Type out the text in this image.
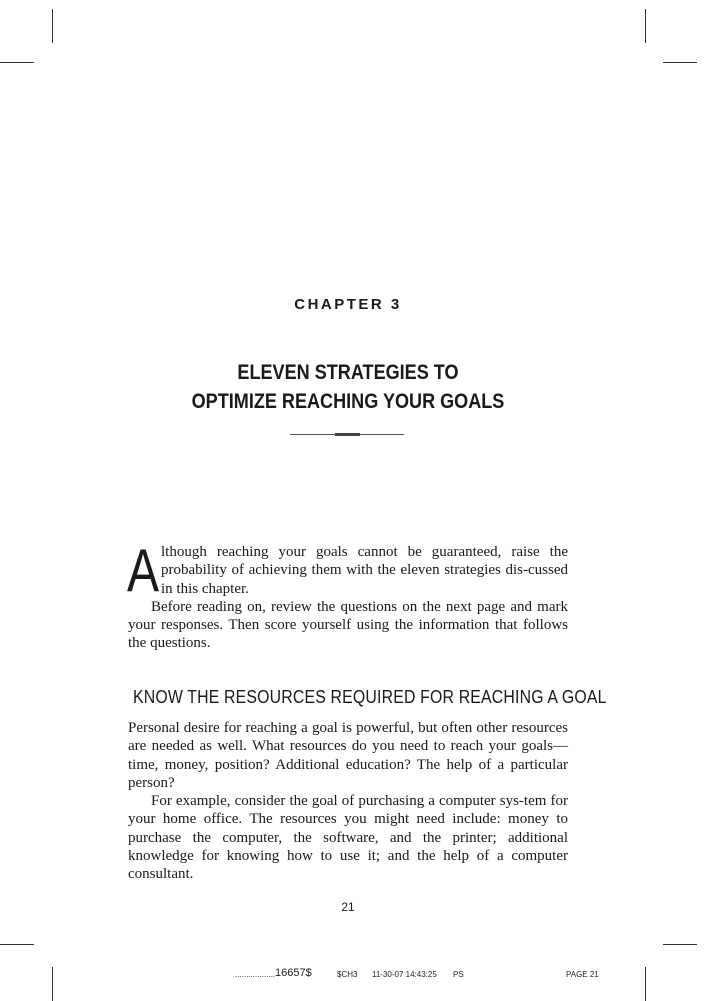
CHAPTER 3
ELEVEN STRATEGIES TO
OPTIMIZE REACHING YOUR GOALS

Although reaching your goals cannot be guaranteed, raise the probability of achieving them with the eleven strategies dis-cussed in this chapter.

Before reading on, review the questions on the next page and mark your responses. Then score yourself using the information that follows the questions.

KNOW THE RESOURCES REQUIRED FOR REACHING A GOAL

Personal desire for reaching a goal is powerful, but often other resources are needed as well. What resources do you need to reach your goals—time, money, position? Additional education? The help of a particular person?

For example, consider the goal of purchasing a computer sys-tem for your home office. The resources you might need include: money to purchase the computer, the software, and the printer; additional knowledge for knowing how to use it; and the help of a computer consultant.

21
.................. 16657$	$CH3 11-30-07 14:43:25 PS	PAGE 21
